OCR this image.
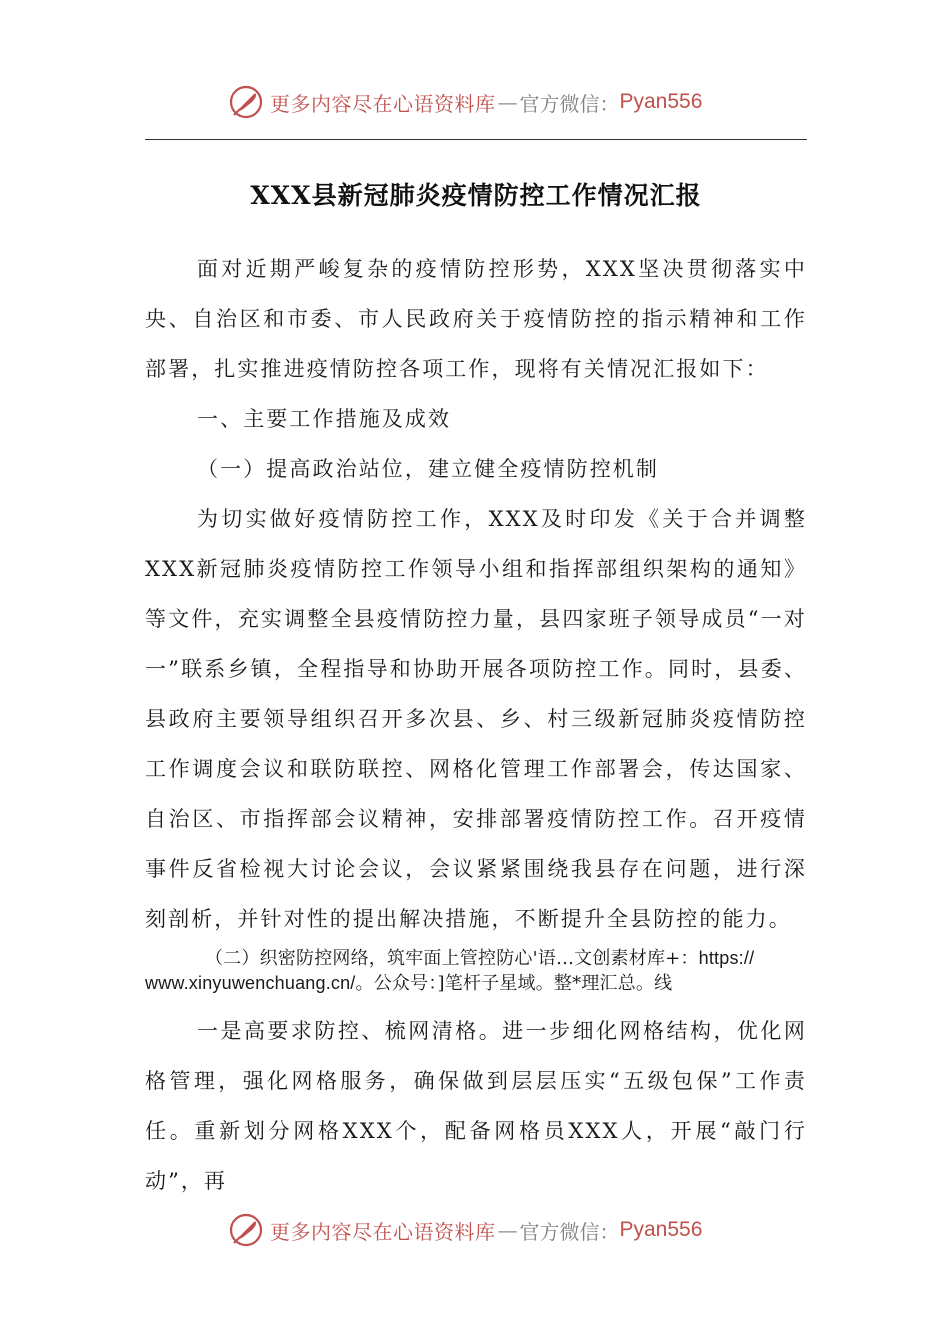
更多内容尽在心语资料库 — 官方微信： Pyan556
XXX县新冠肺炎疫情防控工作情况汇报

面对近期严峻复杂的疫情防控形势，XXX坚决贯彻落实中央、自治区和市委、市人民政府关于疫情防控的指示精神和工作部署，扎实推进疫情防控各项工作，现将有关情况汇报如下：

一、主要工作措施及成效

（一）提高政治站位，建立健全疫情防控机制

为切实做好疫情防控工作，XXX及时印发《关于合并调整XXX新冠肺炎疫情防控工作领导小组和指挥部组织架构的通知》等文件，充实调整全县疫情防控力量，县四家班子领导成员“一对一”联系乡镇，全程指导和协助开展各项防控工作。同时，县委、县政府主要领导组织召开多次县、乡、村三级新冠肺炎疫情防控工作调度会议和联防联控、网格化管理工作部署会，传达国家、自治区、市指挥部会议精神，安排部署疫情防控工作。召开疫情事件反省检视大讨论会议，会议紧紧围绕我县存在问题，进行深刻剖析，并针对性的提出解决措施，不断提升全县防控的能力。

（二）织密防控网络，筑牢面上管控防心'语…文创素材库+：https://

www.xinyuwenchuang.cn/。公众号：]笔杆子星域。整*理汇总。线

一是高要求防控、梳网清格。进一步细化网格结构，优化网格管理，强化网格服务，确保做到层层压实“五级包保”工作责任。重新划分网格XXX个，配备网格员XXX人，开展“敲门行动”，再

更多内容尽在心语资料库 — 官方微信： Pyan556
